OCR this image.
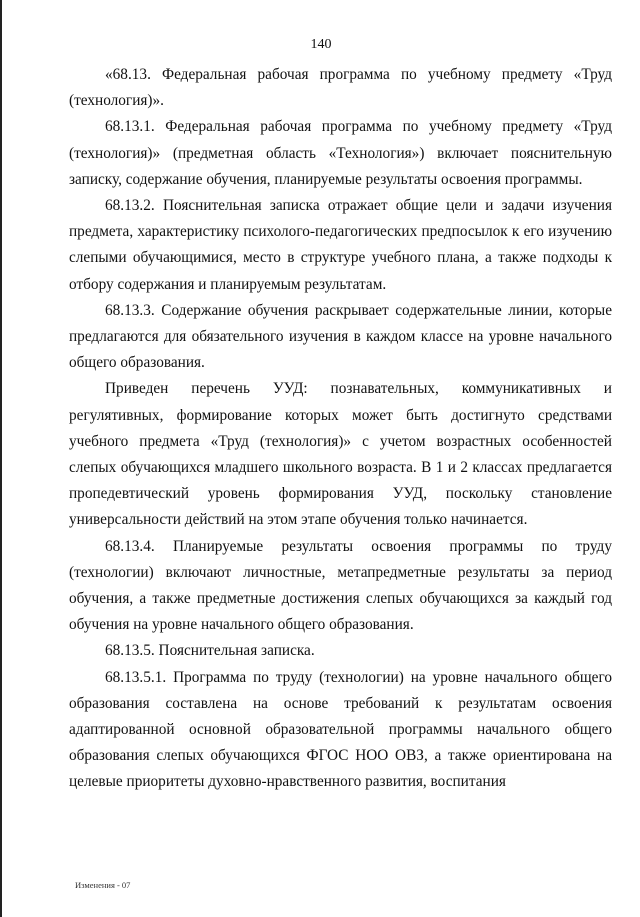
140

«68.13. Федеральная рабочая программа по учебному предмету «Труд (технология)».

68.13.1. Федеральная рабочая программа по учебному предмету «Труд (технология)» (предметная область «Технология») включает пояснительную записку, содержание обучения, планируемые результаты освоения программы.

68.13.2. Пояснительная записка отражает общие цели и задачи изучения предмета, характеристику психолого-педагогических предпосылок к его изучению слепыми обучающимися, место в структуре учебного плана, а также подходы к отбору содержания и планируемым результатам.

68.13.3. Содержание обучения раскрывает содержательные линии, которые предлагаются для обязательного изучения в каждом классе на уровне начального общего образования.

Приведен перечень УУД: познавательных, коммуникативных и регулятивных, формирование которых может быть достигнуто средствами учебного предмета «Труд (технология)» с учетом возрастных особенностей слепых обучающихся младшего школьного возраста. В 1 и 2 классах предлагается пропедевтический уровень формирования УУД, поскольку становление универсальности действий на этом этапе обучения только начинается.

68.13.4. Планируемые результаты освоения программы по труду (технологии) включают личностные, метапредметные результаты за период обучения, а также предметные достижения слепых обучающихся за каждый год обучения на уровне начального общего образования.

68.13.5. Пояснительная записка.

68.13.5.1. Программа по труду (технологии) на уровне начального общего образования составлена на основе требований к результатам освоения адаптированной основной образовательной программы начального общего образования слепых обучающихся ФГОС НОО ОВЗ, а также ориентирована на целевые приоритеты духовно-нравственного развития, воспитания

Изменения - 07
